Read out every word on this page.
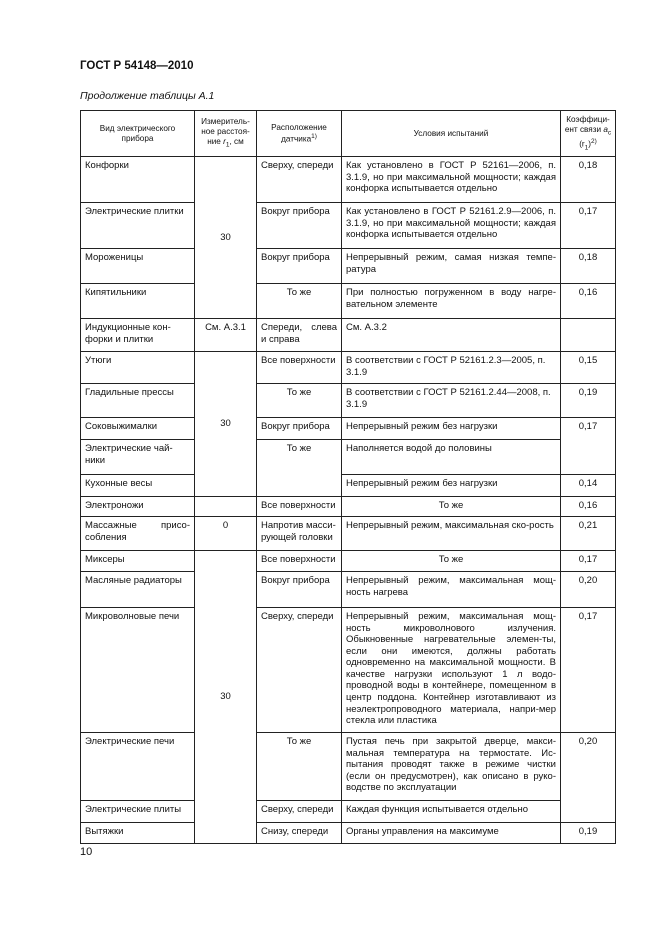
ГОСТ Р 54148—2010
Продолжение таблицы А.1
Вид электрического прибора	Измеритель-ное расстоя-ние $r_1$, см	Расположение датчика$^{1)}$	Условия испытаний	Коэффици-ент связи $a_c$ $(r_1)^{2)}$
Конфорки	30	Сверху, спереди	Как установлено в ГОСТ Р 52161—2006, п. 3.1.9, но при максимальной мощности; каждая конфорка испытывается отдельно	0,18
Электрические плитки		Вокруг прибора	Как установлено в ГОСТ Р 52161.2.9—2006, п. 3.1.9, но при максимальной мощности; каждая конфорка испытывается отдельно	0,17
Мороженицы		Вокруг прибора	Непрерывный режим, самая низкая темпе-ратура	0,18
Кипятильники		То же	При полностью погруженном в воду нагре-вательном элементе	0,16
Индукционные кон-форки и плитки	См. А.3.1	Спереди, слева и справа	См. А.3.2	
Утюги	30	Все поверхности	В соответствии с ГОСТ Р 52161.2.3—2005, п. 3.1.9	0,15
Гладильные прессы		То же	В соответствии с ГОСТ Р 52161.2.44—2008, п. 3.1.9	0,19
Соковыжималки		Вокруг прибора	Непрерывный режим без нагрузки	0,17
Электрические чай-ники		То же	Наполняется водой до половины	
Кухонные весы			Непрерывный режим без нагрузки	0,14
Электроножи		Все поверхности	То же	0,16
Массажные присо-собления	0	Напротив масси-рующей головки	Непрерывный режим, максимальная ско-рость	0,21
Миксеры	30	Все поверхности	То же	0,17
Масляные радиаторы		Вокруг прибора	Непрерывный режим, максимальная мощ-ность нагрева	0,20
Микроволновые печи		Сверху, спереди	Непрерывный режим, максимальная мощ-ность микроволнового излучения. Обыкновенные нагревательные элемен-ты, если они имеются, должны работать одновременно на максимальной мощности. В качестве нагрузки используют 1 л водо-проводной воды в контейнере, помещенном в центр поддона. Контейнер изготавливают из неэлектропроводного материала, напри-мер стекла или пластика	0,17
Электрические печи		То же	Пустая печь при закрытой дверце, макси-мальная температура на термостате. Ис-пытания проводят также в режиме чистки (если он предусмотрен), как описано в руко-водстве по эксплуатации	0,20
Электрические плиты		Сверху, спереди	Каждая функция испытывается отдельно	
Вытяжки		Снизу, спереди	Органы управления на максимуме	0,19
10
